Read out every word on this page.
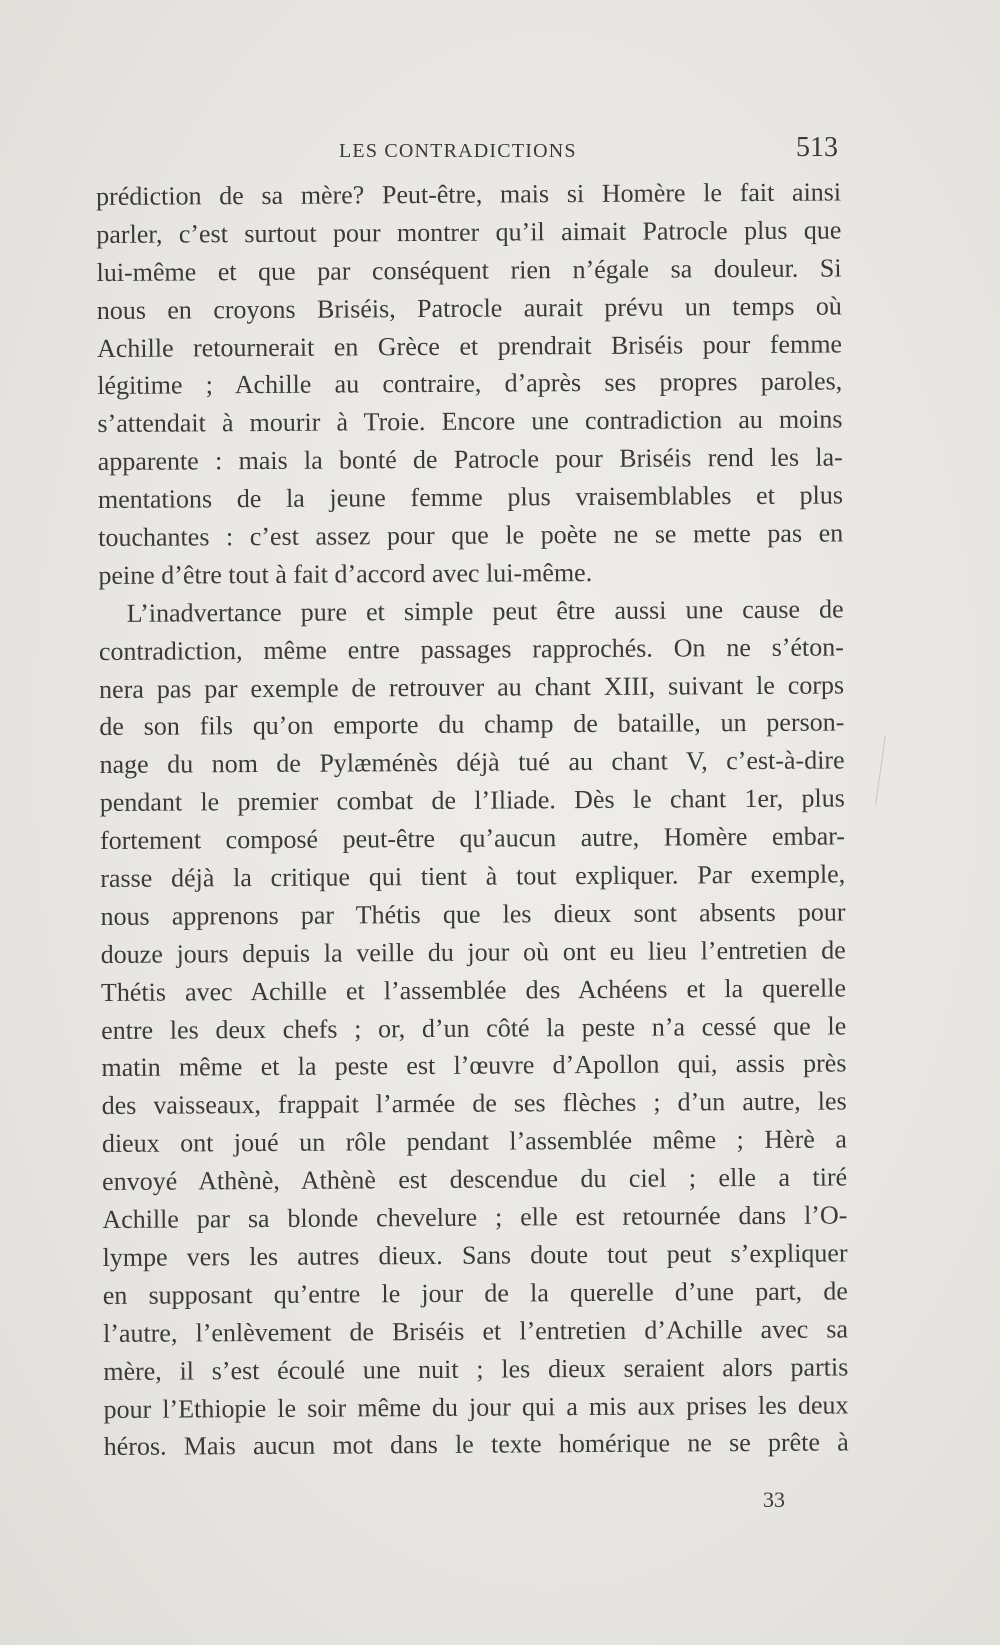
LES CONTRADICTIONS	513
prédiction de sa mère? Peut-être, mais si Homère le fait ainsi
parler, c’est surtout pour montrer qu’il aimait Patrocle plus que
lui-même et que par conséquent rien n’égale sa douleur. Si
nous en croyons Briséis, Patrocle aurait prévu un temps où
Achille retournerait en Grèce et prendrait Briséis pour femme
légitime ; Achille au contraire, d’après ses propres paroles,
s’attendait à mourir à Troie. Encore une contradiction au moins
apparente : mais la bonté de Patrocle pour Briséis rend les la-
mentations de la jeune femme plus vraisemblables et plus
touchantes : c’est assez pour que le poète ne se mette pas en
peine d’être tout à fait d’accord avec lui-même.
L’inadvertance pure et simple peut être aussi une cause de
contradiction, même entre passages rapprochés. On ne s’éton-
nera pas par exemple de retrouver au chant XIII, suivant le corps
de son fils qu’on emporte du champ de bataille, un person-
nage du nom de Pylæménès déjà tué au chant V, c’est-à-dire
pendant le premier combat de l’Iliade. Dès le chant 1er, plus
fortement composé peut-être qu’aucun autre, Homère embar-
rasse déjà la critique qui tient à tout expliquer. Par exemple,
nous apprenons par Thétis que les dieux sont absents pour
douze jours depuis la veille du jour où ont eu lieu l’entretien de
Thétis avec Achille et l’assemblée des Achéens et la querelle
entre les deux chefs ; or, d’un côté la peste n’a cessé que le
matin même et la peste est l’œuvre d’Apollon qui, assis près
des vaisseaux, frappait l’armée de ses flèches ; d’un autre, les
dieux ont joué un rôle pendant l’assemblée même ; Hèrè a
envoyé Athènè, Athènè est descendue du ciel ; elle a tiré
Achille par sa blonde chevelure ; elle est retournée dans l’O-
lympe vers les autres dieux. Sans doute tout peut s’expliquer
en supposant qu’entre le jour de la querelle d’une part, de
l’autre, l’enlèvement de Briséis et l’entretien d’Achille avec sa
mère, il s’est écoulé une nuit ; les dieux seraient alors partis
pour l’Ethiopie le soir même du jour qui a mis aux prises les deux
héros. Mais aucun mot dans le texte homérique ne se prête à
33
